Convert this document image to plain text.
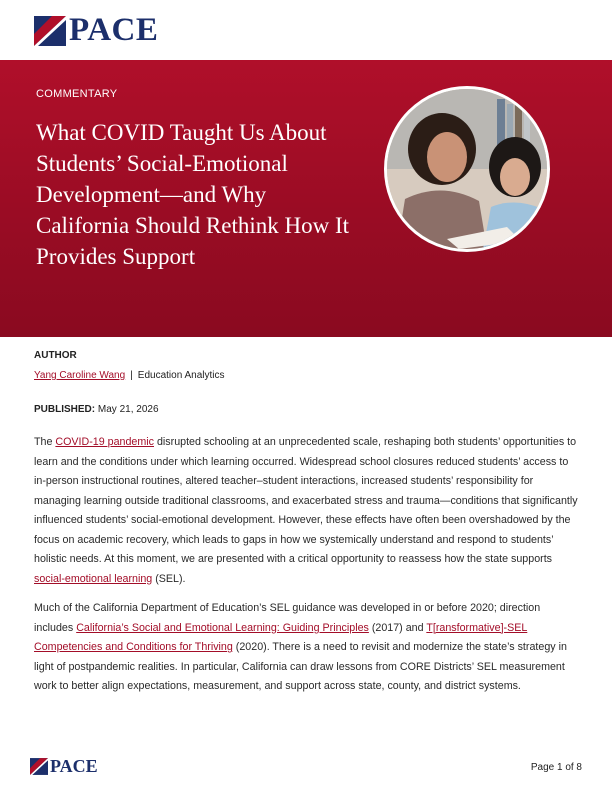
PACE
COMMENTARY
What COVID Taught Us About Students’ Social-Emotional Development—and Why California Should Rethink How It Provides Support
AUTHOR
Yang Caroline Wang | Education Analytics
PUBLISHED: May 21, 2026

The COVID-19 pandemic disrupted schooling at an unprecedented scale, reshaping both students’ opportunities to learn and the conditions under which learning occurred. Widespread school closures reduced students’ access to in-person instructional routines, altered teacher–student interactions, increased students’ responsibility for managing learning outside traditional classrooms, and exacerbated stress and trauma—conditions that significantly influenced students’ social-emotional development. However, these effects have often been overshadowed by the focus on academic recovery, which leads to gaps in how we systemically understand and respond to students’ holistic needs. At this moment, we are presented with a critical opportunity to reassess how the state supports social-emotional learning (SEL).

Much of the California Department of Education’s SEL guidance was developed in or before 2020; direction includes California’s Social and Emotional Learning: Guiding Principles (2017) and T[ransformative]-SEL Competencies and Conditions for Thriving (2020). There is a need to revisit and modernize the state’s strategy in light of postpandemic realities. In particular, California can draw lessons from CORE Districts’ SEL measurement work to better align expectations, measurement, and support across state, county, and district systems.

PACE	Page 1 of 8
